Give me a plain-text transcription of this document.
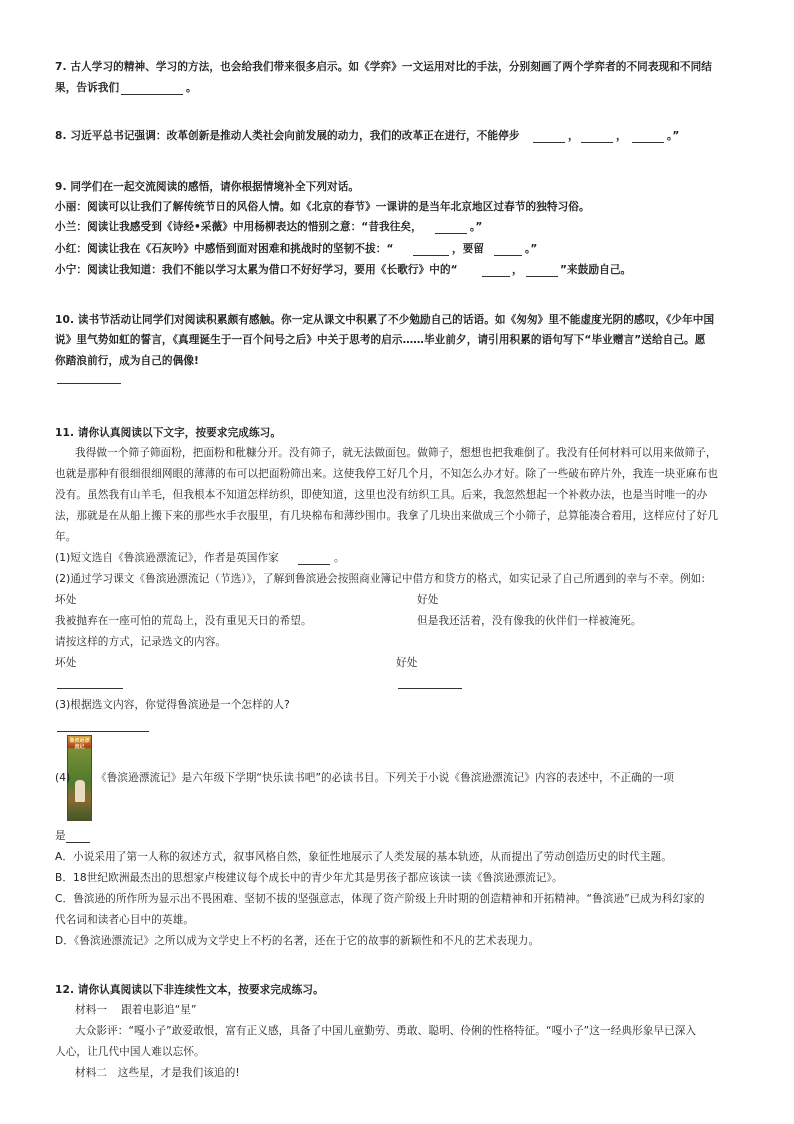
7. 古人学习的精神、学习的方法，也会给我们带来很多启示。如《学弈》一文运用对比的手法，分别刻画了两个学弈者的不同表现和不同结
果，告诉我们	。
8. 习近平总书记强调：改革创新是推动人类社会向前发展的动力，我们的改革正在进行，不能停步	，	，	。”
9. 同学们在一起交流阅读的感悟，请你根据情境补全下列对话。
小丽：阅读可以让我们了解传统节日的风俗人情。如《北京的春节》一课讲的是当年北京地区过春节的独特习俗。
小兰：阅读让我感受到《诗经•采薇》中用杨柳表达的惜别之意：“昔我往矣，	。”
小红：阅读让我在《石灰吟》中感悟到面对困难和挑战时的坚韧不拔：“	，要留	。”
小宁：阅读让我知道：我们不能以学习太累为借口不好好学习，要用《长歌行》中的“	，	”来鼓励自己。
10. 读书节活动让同学们对阅读积累颇有感触。你一定从课文中积累了不少勉励自己的话语。如《匆匆》里不能虚度光阴的感叹，《少年中国
说》里气势如虹的誓言，《真理诞生于一百个问号之后》中关于思考的启示……毕业前夕，请引用积累的语句写下“毕业赠言”送给自己。愿
你踏浪前行，成为自己的偶像!
11. 请你认真阅读以下文字，按要求完成练习。
我得做一个筛子筛面粉，把面粉和秕糠分开。没有筛子，就无法做面包。做筛子，想想也把我难倒了。我没有任何材料可以用来做筛子，
也就是那种有很细很细网眼的薄薄的布可以把面粉筛出来。这使我停工好几个月，不知怎么办才好。除了一些破布碎片外，我连一块亚麻布也
没有。虽然我有山羊毛，但我根本不知道怎样纺织，即使知道，这里也没有纺织工具。后来，我忽然想起一个补救办法，也是当时唯一的办
法，那就是在从船上搬下来的那些水手衣服里，有几块棉布和薄纱围巾。我拿了几块出来做成三个小筛子，总算能凑合着用，这样应付了好几
年。
(1)短文选自《鲁滨逊漂流记》，作者是英国作家	。
(2)通过学习课文《鲁滨逊漂流记（节选）》，了解到鲁滨逊会按照商业簿记中借方和贷方的格式，如实记录了自己所遇到的幸与不幸。例如:
坏处	好处
我被抛弃在一座可怕的荒岛上，没有重见天日的希望。	但是我还活着，没有像我的伙伴们一样被淹死。
请按这样的方式，记录选文的内容。
坏处	好处
(3)根据选文内容，你觉得鲁滨逊是一个怎样的人?
鲁滨逊漂流记
(4) 《鲁滨逊漂流记》是六年级下学期“快乐读书吧”的必读书目。下列关于小说《鲁滨逊漂流记》内容的表述中，不正确的一项
是
A．小说采用了第一人称的叙述方式，叙事风格自然，象征性地展示了人类发展的基本轨迹，从而提出了劳动创造历史的时代主题。
B．18世纪欧洲最杰出的思想家卢梭建议每个成长中的青少年尤其是男孩子都应该读一读《鲁滨逊漂流记》。
C．鲁滨逊的所作所为显示出不畏困难、坚韧不拔的坚强意志，体现了资产阶级上升时期的创造精神和开拓精神。“鲁滨逊”已成为科幻家的
代名词和读者心目中的英雄。
D．《鲁滨逊漂流记》之所以成为文学史上不朽的名著，还在于它的故事的新颖性和不凡的艺术表现力。
12. 请你认真阅读以下非连续性文本，按要求完成练习。
材料一　 跟着电影追“星”
大众影评：“嘎小子”敢爱敢恨，富有正义感，具备了中国儿童勤劳、勇敢、聪明、伶俐的性格特征。“嘎小子”这一经典形象早已深入
人心，让几代中国人难以忘怀。
材料二　这些星，才是我们该追的!
